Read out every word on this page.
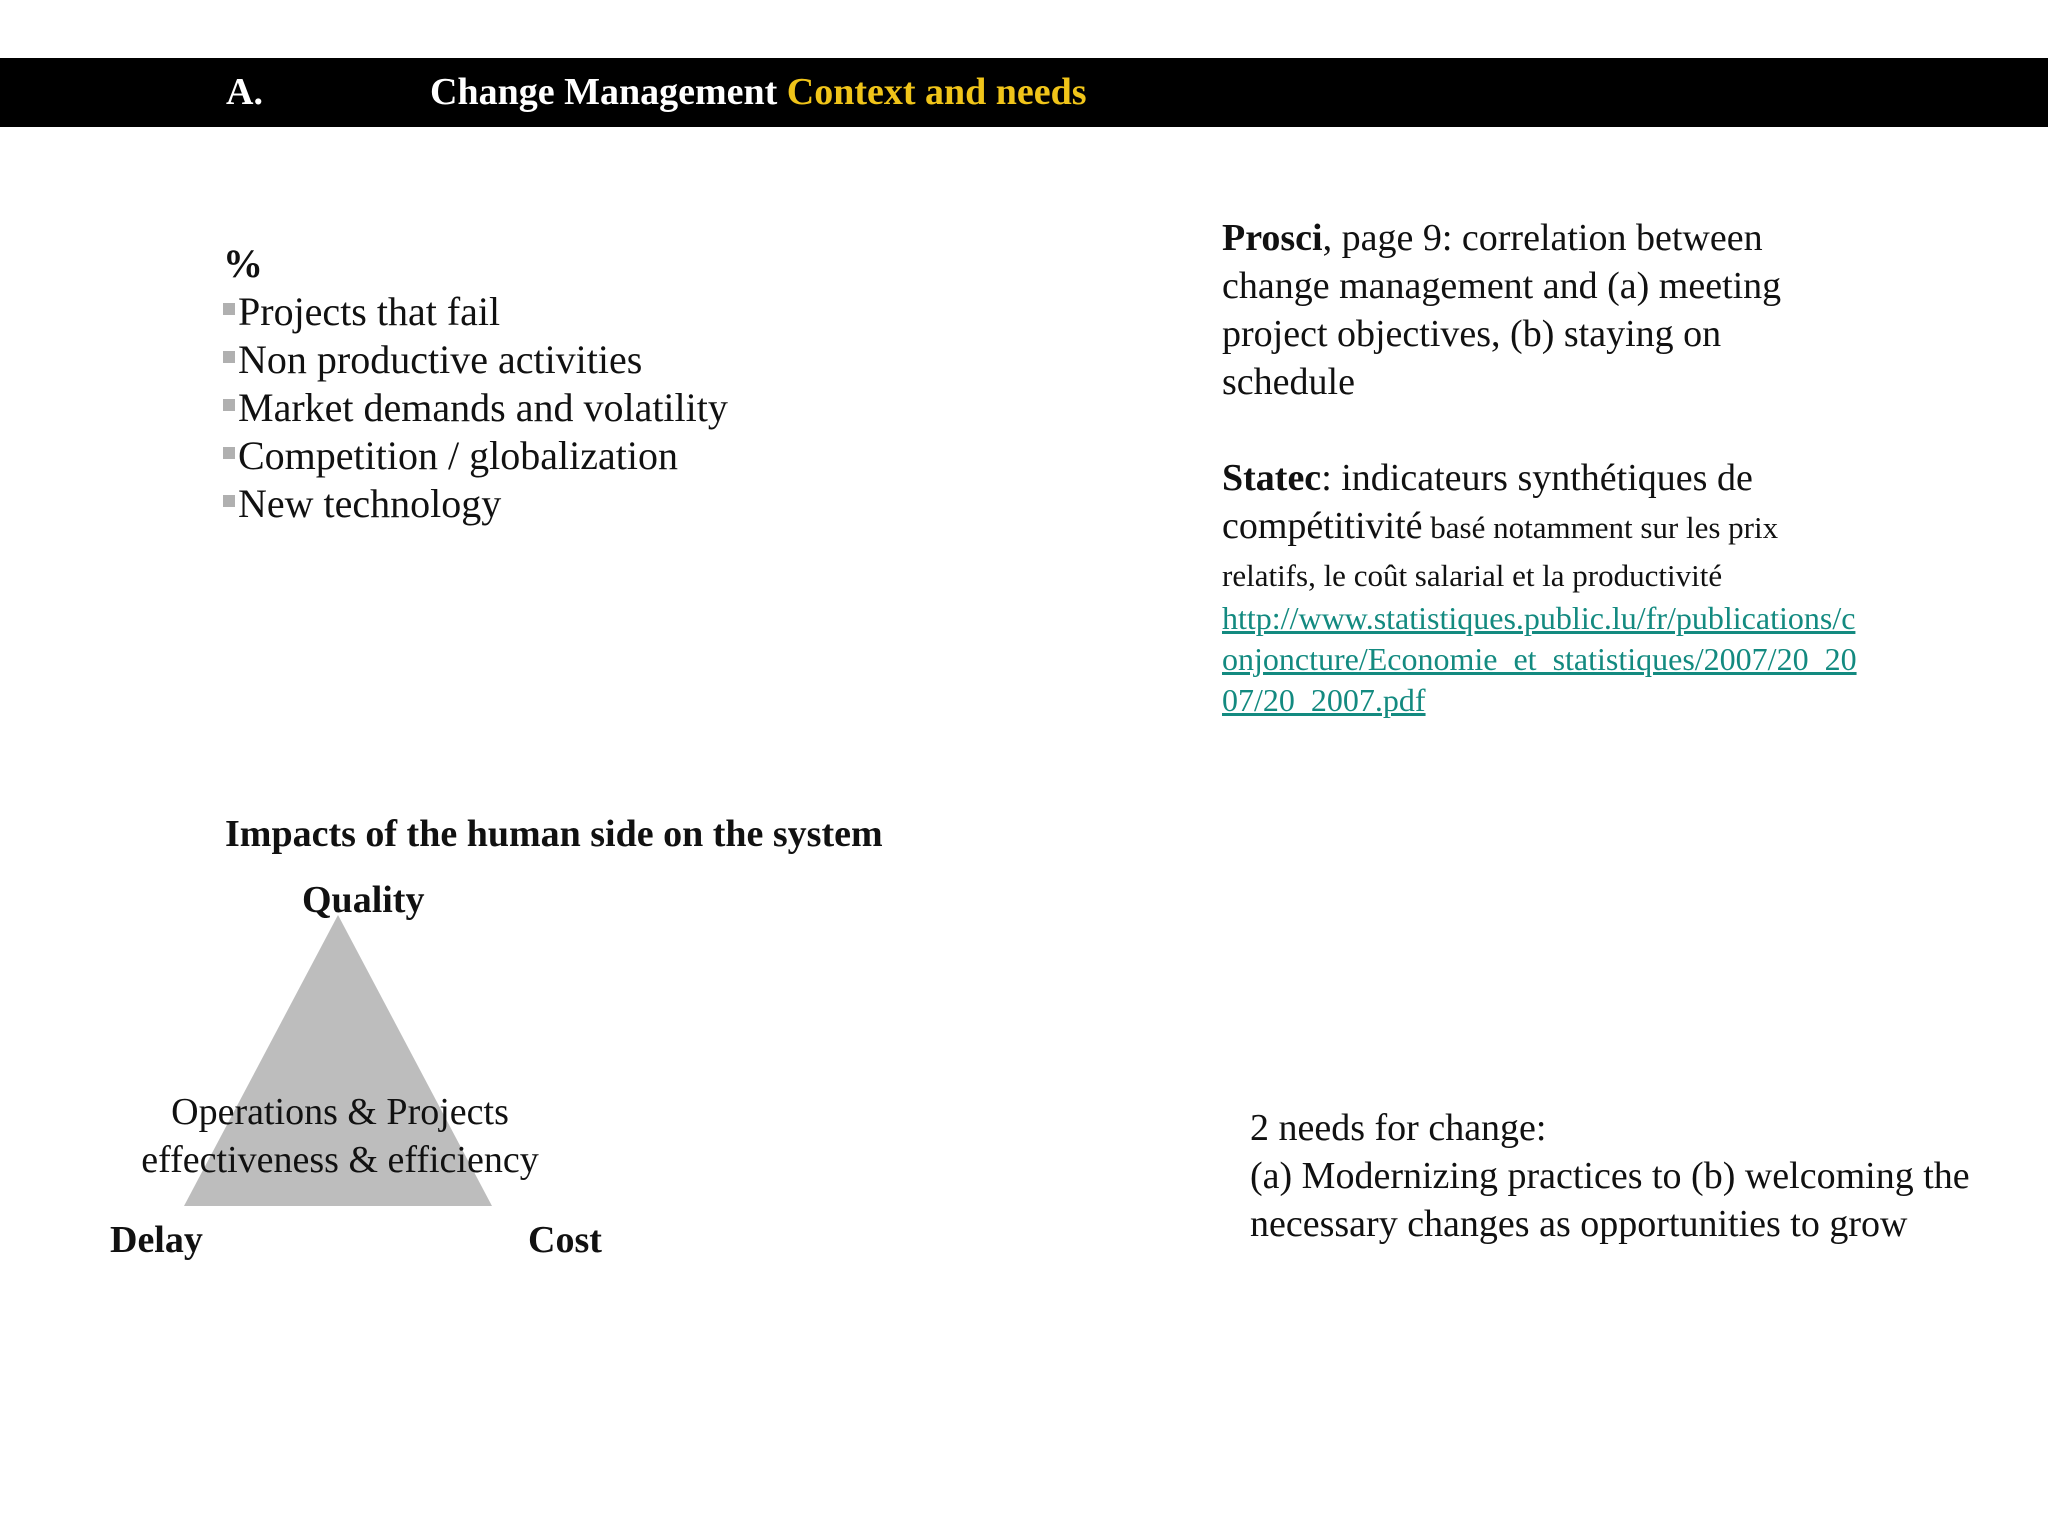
A.	Change Management Context and needs
%
Projects that fail
Non productive activities
Market demands and volatility
Competition / globalization
New technology

Prosci, page 9: correlation between change management and (a) meeting project objectives, (b) staying on schedule

Statec: indicateurs synthétiques de compétitivité basé notamment sur les prix relatifs, le coût salarial et la productivité

http://www.statistiques.public.lu/fr/publications/conjoncture/Economie_et_statistiques/2007/20_2007/20_2007.pdf
Impacts of the human side on the system
Quality
Delay	Cost
Operations & Projects
effectiveness & efficiency

2 needs for change:

(a) Modernizing practices to (b) welcoming the necessary changes as opportunities to grow
